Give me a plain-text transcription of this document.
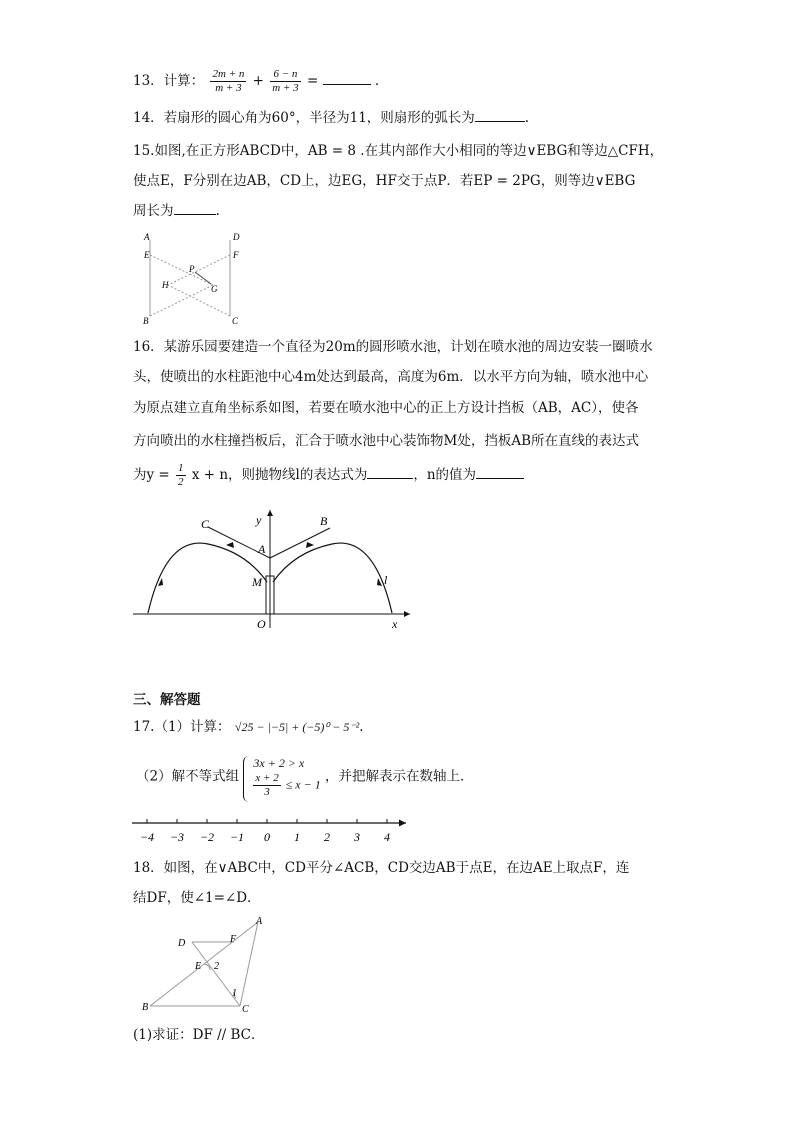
13．计算： $\frac{2m + n}{m + 3} + \frac{6 - n}{m + 3}$ =	．
14．若扇形的圆心角为60°，半径为11，则扇形的弧长为	.
15.如图,在正方形ABCD中，AB = 8 .在其内部作大小相同的等边∨EBG和等边△CFH，
使点E，F分别在边AB，CD上，边EG，HF交于点P．若EP = 2PG，则等边∨EBG
周长为	.
A	D
E	F
P
G
H
B	C
16．某游乐园要建造一个直径为20m的圆形喷水池，计划在喷水池的周边安装一圈喷水
头，使喷出的水柱距池中心4m处达到最高，高度为6m．以水平方向为轴，喷水池中心
为原点建立直角坐标系如图，若要在喷水池中心的正上方设计挡板（AB，AC），使各
方向喷出的水柱撞挡板后，汇合于喷水池中心装饰物M处，挡板AB所在直线的表达式
为$y = \frac{1}{2}$ x + n，则抛物线l的表达式为	，n的值为
C	y	B
A
M	l
O	x
三、解答题
17.（1）计算： √25 − |−5| + (−5)⁰ − 5⁻².
（2）解不等式组
3x + 2 > x
$\frac{x + 2}{3} \le x - 1$ ，并把解表示在数轴上．
−4 −3 −2 −1 0 1 2 3 4
18．如图，在∨ABC中，CD平分∠ACB，CD交边AB于点E，在边AE上取点F，连
结DF，使∠1=∠D．
A
D	F
E 2
1
B	C
(1)求证：DF // BC．
